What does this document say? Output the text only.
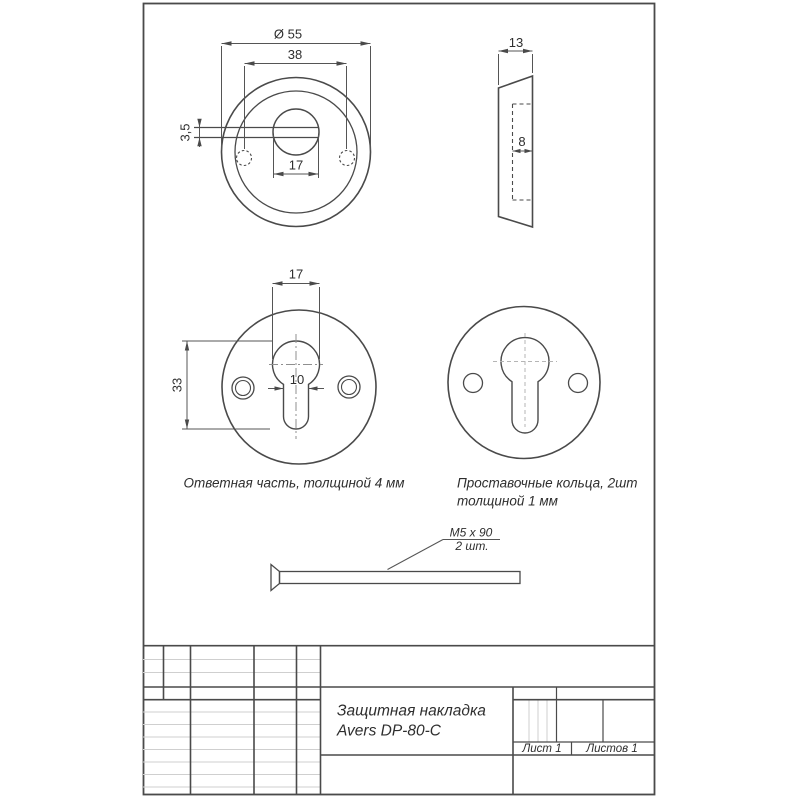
Ø 55
38
3,5
17
13
8
17
33	10
Ответная часть, толщиной 4 мм	Проставочные кольца, 2шт
толщиной 1 мм
M5 x 90
2 шт.
Защитная накладка
Avers DP-80-C
Лист 1 Листов 1
